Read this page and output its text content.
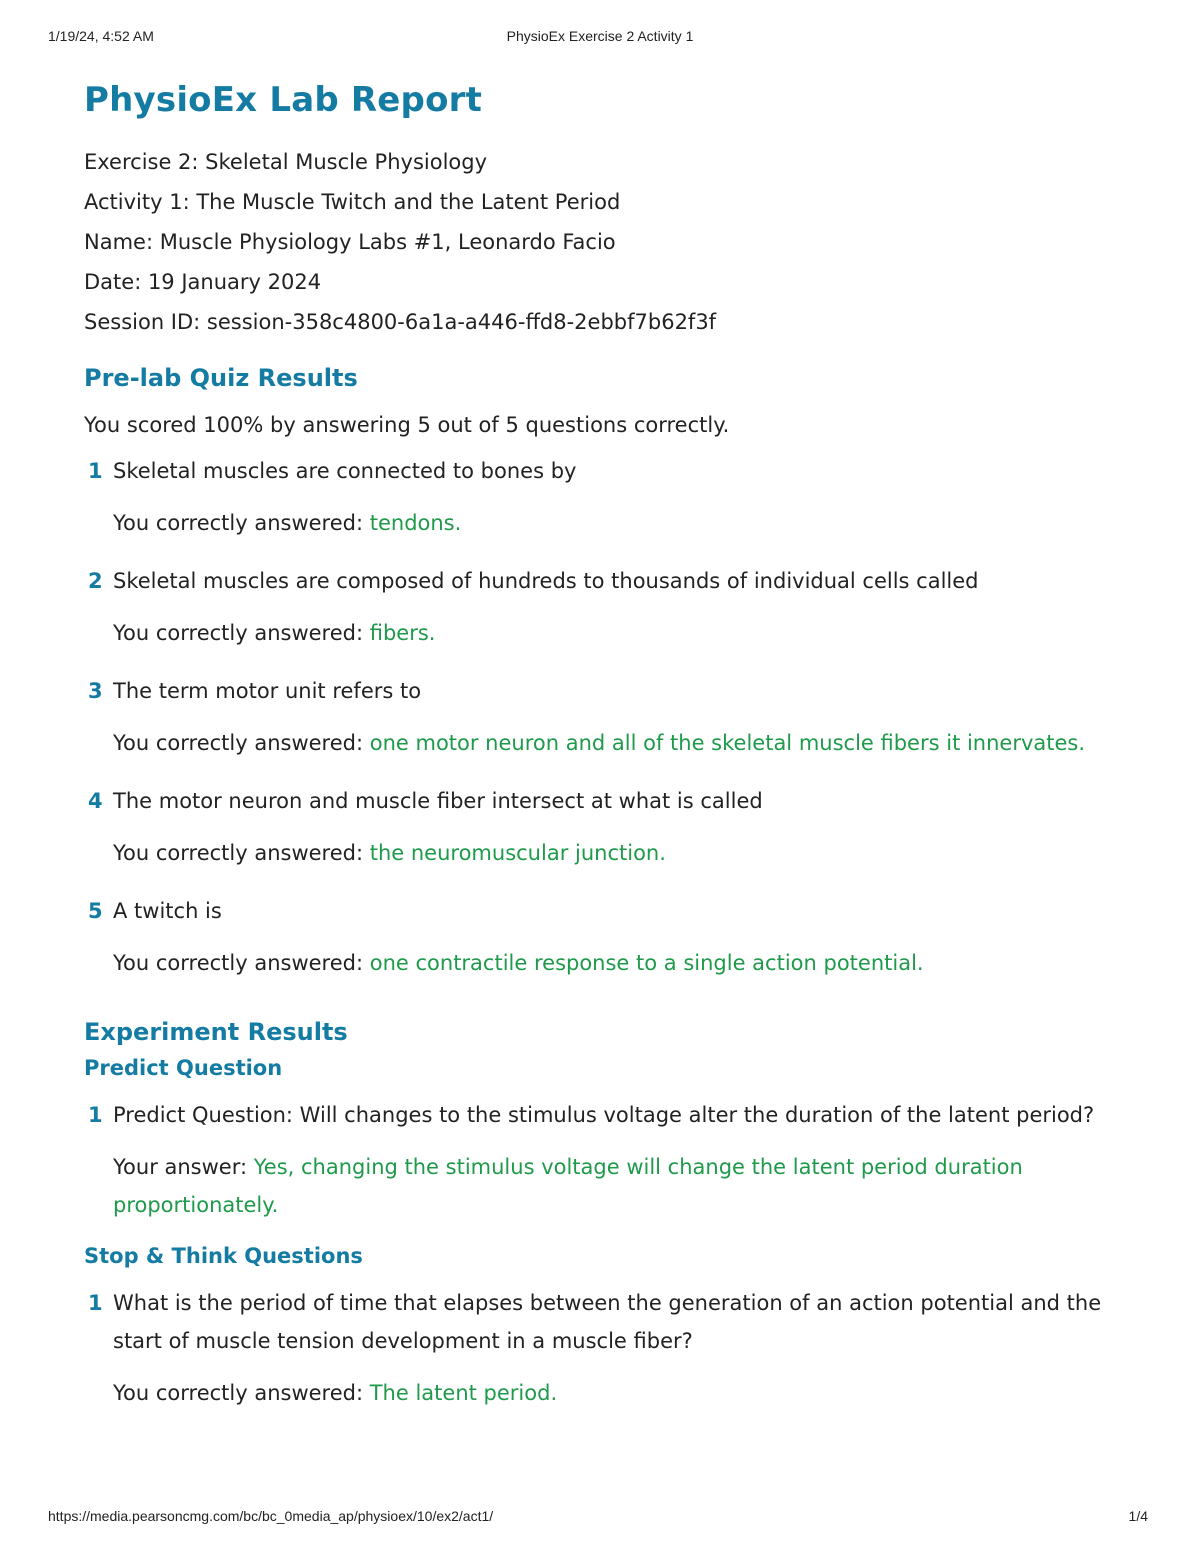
1/19/24, 4:52 AM	PhysioEx Exercise 2 Activity 1
PhysioEx Lab Report
Exercise 2: Skeletal Muscle Physiology
Activity 1: The Muscle Twitch and the Latent Period
Name: Muscle Physiology Labs #1, Leonardo Facio
Date: 19 January 2024
Session ID: session-358c4800-6a1a-a446-ffd8-2ebbf7b62f3f
Pre-lab Quiz Results
You scored 100% by answering 5 out of 5 questions correctly.
1 Skeletal muscles are connected to bones by
You correctly answered: tendons.
2 Skeletal muscles are composed of hundreds to thousands of individual cells called
You correctly answered: fibers.
3 The term motor unit refers to
You correctly answered: one motor neuron and all of the skeletal muscle fibers it innervates.
4 The motor neuron and muscle fiber intersect at what is called
You correctly answered: the neuromuscular junction.
5 A twitch is
You correctly answered: one contractile response to a single action potential.
Experiment Results
Predict Question
1 Predict Question: Will changes to the stimulus voltage alter the duration of the latent period?
Your answer: Yes, changing the stimulus voltage will change the latent period duration proportionately.
Stop & Think Questions
1 What is the period of time that elapses between the generation of an action potential and the start of muscle tension development in a muscle fiber?
You correctly answered: The latent period.
https://media.pearsoncmg.com/bc/bc_0media_ap/physioex/10/ex2/act1/	1/4
